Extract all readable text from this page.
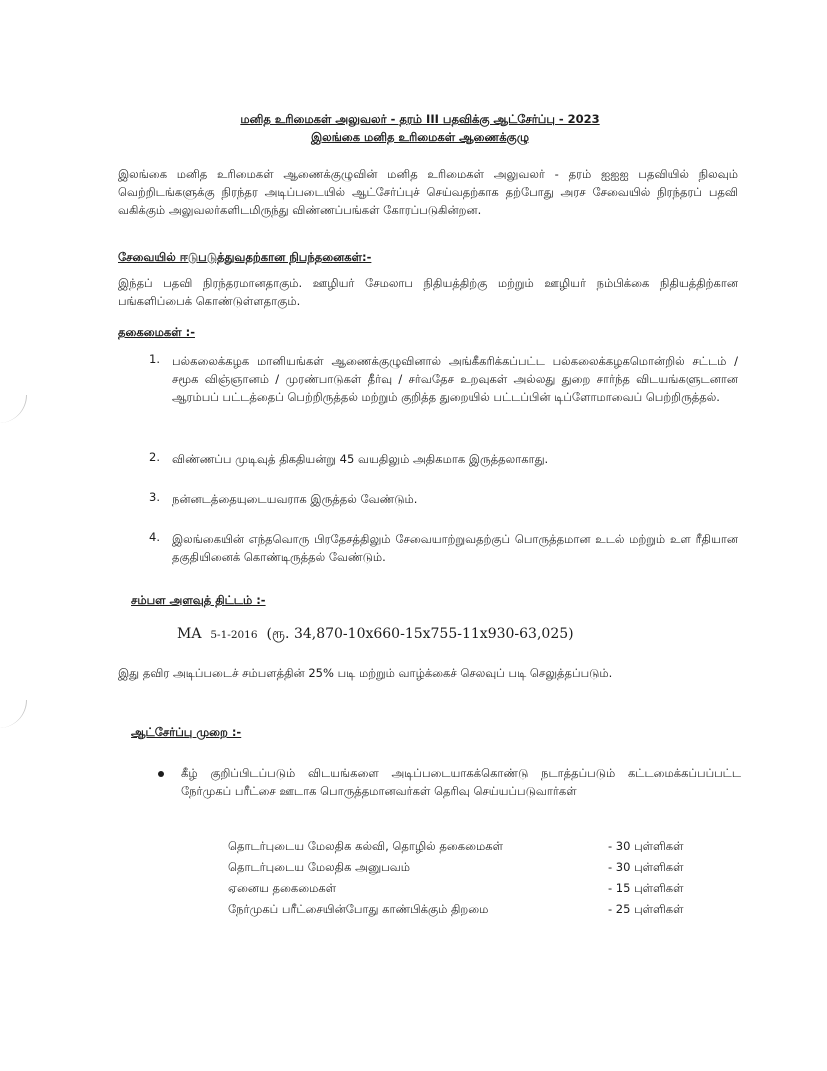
மனித உரிமைகள் அலுவலர் - தரம் III பதவிக்கு ஆட்சேர்ப்பு - 2023
இலங்கை மனித உரிமைகள் ஆணைக்குழு
இலங்கை மனித உரிமைகள் ஆணைக்குழுவின் மனித உரிமைகள் அலுவலர் - தரம் ஐஐஐ பதவியில் நிலவும் வெற்றிடங்களுக்கு நிரந்தர அடிப்படையில் ஆட்சேர்ப்புச் செய்வதற்காக தற்போது அரச சேவையில் நிரந்தரப் பதவி வகிக்கும் அலுவலர்களிடமிருந்து விண்ணப்பங்கள் கோரப்படுகின்றன.
சேவையில் ஈடுபடுத்துவதற்கான நிபந்தனைகள்:-
இந்தப் பதவி நிரந்தரமானதாகும். ஊழியர் சேமலாப நிதியத்திற்கு மற்றும் ஊழியர் நம்பிக்கை நிதியத்திற்கான பங்களிப்பைக் கொண்டுள்ளதாகும்.
தகைமைகள் :-
1. பல்கலைக்கழக மானியங்கள் ஆணைக்குழுவினால் அங்கீகரிக்கப்பட்ட பல்கலைக்கழகமொன்றில் சட்டம் / சமூக விஞ்ஞானம் / முரண்பாடுகள் தீர்வு / சர்வதேச உறவுகள் அல்லது துறை சார்ந்த விடயங்களுடனான ஆரம்பப் பட்டத்தைப் பெற்றிருத்தல் மற்றும் குறித்த துறையில் பட்டப்பின் டிப்ளோமாவைப் பெற்றிருத்தல்.
2. விண்ணப்ப முடிவுத் திகதியன்று 45 வயதிலும் அதிகமாக இருத்தலாகாது.
3. நன்னடத்தையுடையவராக இருத்தல் வேண்டும்.
4. இலங்கையின் எந்தவொரு பிரதேசத்திலும் சேவையாற்றுவதற்குப் பொருத்தமான உடல் மற்றும் உள ரீதியான தகுதியினைக் கொண்டிருத்தல் வேண்டும்.
சம்பள அளவுத் திட்டம் :-
MA 5-1-2016 (ரூ. 34,870-10x660-15x755-11x930-63,025)
இது தவிர அடிப்படைச் சம்பளத்தின் 25% படி மற்றும் வாழ்க்கைச் செலவுப் படி செலுத்தப்படும்.
ஆட்சேர்ப்பு முறை :-
கீழ் குறிப்பிடப்படும் விடயங்களை அடிப்படையாகக்கொண்டு நடாத்தப்படும் கட்டமைக்கப்பப்பட்ட நேர்முகப் பரீட்சை ஊடாக பொருத்தமானவர்கள் தெரிவு செய்யப்படுவார்கள்
தொடர்புடைய மேலதிக கல்வி, தொழில் தகைமைகள்	- 30 புள்ளிகள்
தொடர்புடைய மேலதிக அனுபவம்	- 30 புள்ளிகள்
ஏனைய தகைமைகள்	- 15 புள்ளிகள்
நேர்முகப் பரீட்சையின்போது காண்பிக்கும் திறமை	- 25 புள்ளிகள்
